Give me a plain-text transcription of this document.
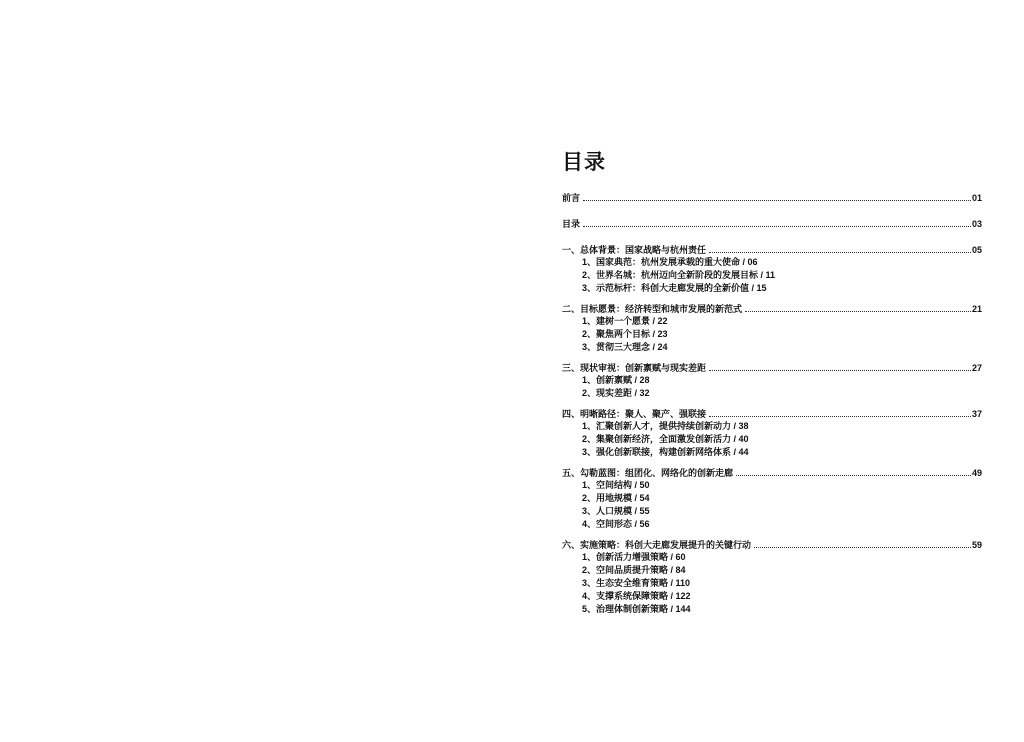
目录
前言	01
目录	03
一、总体背景：国家战略与杭州责任	05
1、国家典范：杭州发展承载的重大使命 / 06
2、世界名城：杭州迈向全新阶段的发展目标 / 11
3、示范标杆：科创大走廊发展的全新价值 / 15
二、目标愿景：经济转型和城市发展的新范式	21
1、建树一个愿景 / 22
2、聚焦两个目标 / 23
3、贯彻三大理念 / 24
三、现状审视：创新禀赋与现实差距	27
1、创新禀赋 / 28
2、现实差距 / 32
四、明晰路径：聚人、聚产、强联接	37
1、汇聚创新人才，提供持续创新动力 / 38
2、集聚创新经济，全面激发创新活力 / 40
3、强化创新联接，构建创新网络体系 / 44
五、勾勒蓝图：组团化、网络化的创新走廊	49
1、空间结构 / 50
2、用地规模 / 54
3、人口规模 / 55
4、空间形态 / 56
六、实施策略：科创大走廊发展提升的关键行动	59
1、创新活力增强策略 / 60
2、空间品质提升策略 / 84
3、生态安全维育策略 / 110
4、支撑系统保障策略 / 122
5、治理体制创新策略 / 144
